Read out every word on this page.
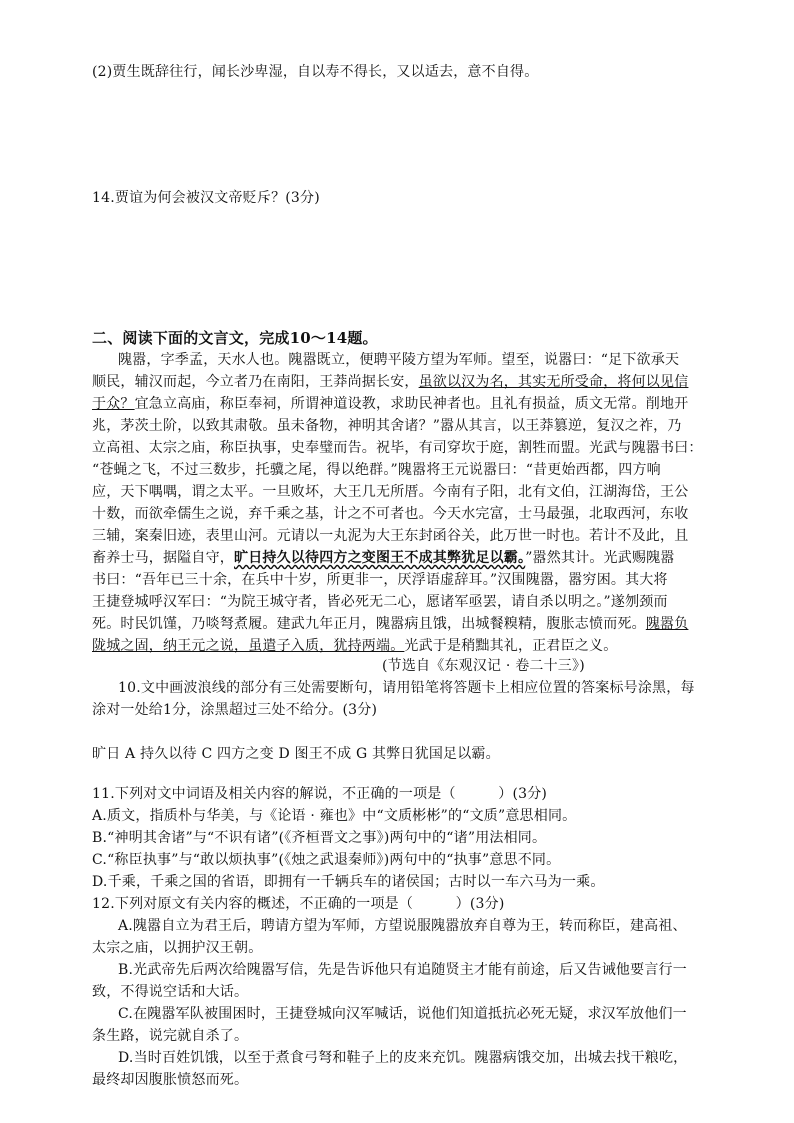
(2)贾生既辞往行，闻长沙卑湿，自以寿不得长，又以适去，意不自得。
14.贾谊为何会被汉文帝贬斥？(3分)
二、阅读下面的文言文，完成10～14题。
隗嚣，字季孟，天水人也。隗嚣既立，便聘平陵方望为军师。望至，说嚣曰：“足下欲承天
顺民，辅汉而起，今立者乃在南阳，王莽尚据长安，虽欲以汉为名，其实无所受命，将何以见信
于众？宜急立高庙，称臣奉祠，所谓神道设教，求助民神者也。且礼有损益，质文无常。削地开
兆，茅茨土阶，以致其肃敬。虽未备物，神明其舍诸？”嚣从其言，以王莽篡逆，复汉之祚，乃
立高祖、太宗之庙，称臣执事，史奉璧而告。祝毕，有司穿坎于庭，割牲而盟。光武与隗嚣书曰：
“苍蝇之飞，不过三数步，托骥之尾，得以绝群。”隗嚣将王元说嚣曰：“昔更始西都，四方响
应，天下喁喁，谓之太平。一旦败坏，大王几无所厝。今南有子阳，北有文伯，江湖海岱，王公
十数，而欲牵儒生之说，弃千乘之基，计之不可者也。今天水完富，士马最强，北取西河，东收
三辅，案秦旧迹，表里山河。元请以一丸泥为大王东封函谷关，此万世一时也。若计不及此，且
畜养士马，据隘自守，旷日持久以待四方之变图王不成其弊犹足以霸。”嚣然其计。光武赐隗嚣
书曰：“吾年已三十余，在兵中十岁，所更非一，厌浮语虚辞耳。”汉围隗嚣，嚣穷困。其大将
王捷登城呼汉军曰：“为院王城守者，皆必死无二心，愿诸军亟罢，请自杀以明之。”遂刎颈而
死。时民饥馑，乃啖弩煮履。建武九年正月，隗嚣病且饿，出城餐糗精，腹胀志愤而死。隗嚣负
陇城之固，纳王元之说，虽遣子入质，犹持两端。光武于是稍黜其礼，正君臣之义。
(节选自《东观汉记 · 卷二十三》)
10.文中画波浪线的部分有三处需要断句，请用铅笔将答题卡上相应位置的答案标号涂黑，每
涂对一处给1分，涂黑超过三处不给分。(3分)
旷日 A 持久以待 C 四方之变 D 图王不成 G 其弊日犹国足以霸。
11.下列对文中词语及相关内容的解说，不正确的一项是（　　　）(3分)
A.质文，指质朴与华美，与《论语 · 雍也》中“文质彬彬”的“文质”意思相同。
B.“神明其舍诸”与“不识有诸”(《齐桓晋文之事》)两句中的“诸”用法相同。
C.“称臣执事”与“敢以烦执事”(《烛之武退秦师》)两句中的“执事”意思不同。
D.千乘，千乘之国的省语，即拥有一千辆兵车的诸侯国；古时以一车六马为一乘。
12.下列对原文有关内容的概述，不正确的一项是（　　　）(3分)
A.隗嚣自立为君王后，聘请方望为军师，方望说服隗嚣放弃自尊为王，转而称臣，建高祖、
太宗之庙，以拥护汉王朝。
B.光武帝先后两次给隗嚣写信，先是告诉他只有追随贤主才能有前途，后又告诫他要言行一
致，不得说空话和大话。
C.在隗嚣军队被围困时，王捷登城向汉军喊话，说他们知道抵抗必死无疑，求汉军放他们一
条生路，说完就自杀了。
D.当时百姓饥饿，以至于煮食弓弩和鞋子上的皮来充饥。隗嚣病饿交加，出城去找干粮吃，
最终却因腹胀愤怒而死。
